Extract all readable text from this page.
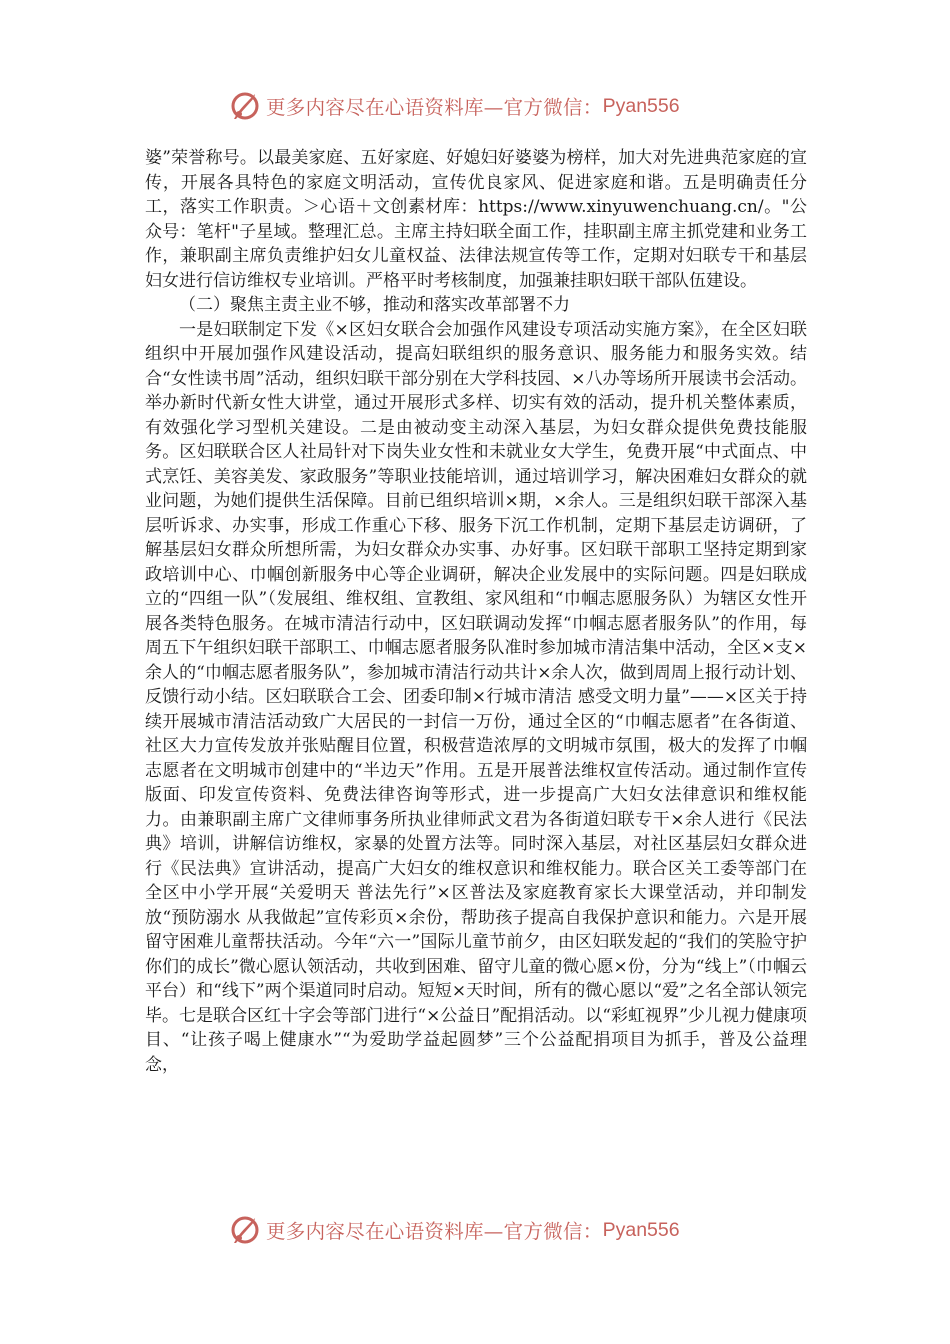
更多内容尽在心语资料库—官方微信： Pyan556

婆”荣誉称号。以最美家庭、五好家庭、好媳妇好婆婆为榜样，加大对先进典范家庭的宣传，开展各具特色的家庭文明活动，宣传优良家风、促进家庭和谐。五是明确责任分工，落实工作职责。＞心语＋文创素材库：https://www.xinyuwenchuang.cn/。"公众号：笔杆"子星域。整理汇总。主席主持妇联全面工作，挂职副主席主抓党建和业务工作，兼职副主席负责维护妇女儿童权益、法律法规宣传等工作，定期对妇联专干和基层妇女进行信访维权专业培训。严格平时考核制度，加强兼挂职妇联干部队伍建设。

（二）聚焦主责主业不够，推动和落实改革部署不力

一是妇联制定下发《×区妇女联合会加强作风建设专项活动实施方案》，在全区妇联组织中开展加强作风建设活动，提高妇联组织的服务意识、服务能力和服务实效。结合“女性读书周”活动，组织妇联干部分别在大学科技园、×八办等场所开展读书会活动。举办新时代新女性大讲堂，通过开展形式多样、切实有效的活动，提升机关整体素质，有效强化学习型机关建设。二是由被动变主动深入基层，为妇女群众提供免费技能服务。区妇联联合区人社局针对下岗失业女性和未就业女大学生，免费开展“中式面点、中式烹饪、美容美发、家政服务”等职业技能培训，通过培训学习，解决困难妇女群众的就业问题，为她们提供生活保障。目前已组织培训×期，×余人。三是组织妇联干部深入基层听诉求、办实事，形成工作重心下移、服务下沉工作机制，定期下基层走访调研，了解基层妇女群众所想所需，为妇女群众办实事、办好事。区妇联干部职工坚持定期到家政培训中心、巾帼创新服务中心等企业调研，解决企业发展中的实际问题。四是妇联成立的“四组一队”（发展组、维权组、宣教组、家风组和“巾帼志愿服务队）为辖区女性开展各类特色服务。在城市清洁行动中，区妇联调动发挥“巾帼志愿者服务队”的作用，每周五下午组织妇联干部职工、巾帼志愿者服务队准时参加城市清洁集中活动，全区×支×余人的“巾帼志愿者服务队”，参加城市清洁行动共计×余人次，做到周周上报行动计划、反馈行动小结。区妇联联合工会、团委印制×行城市清洁 感受文明力量”——×区关于持续开展城市清洁活动致广大居民的一封信一万份，通过全区的“巾帼志愿者”在各街道、社区大力宣传发放并张贴醒目位置，积极营造浓厚的文明城市氛围，极大的发挥了巾帼志愿者在文明城市创建中的“半边天”作用。五是开展普法维权宣传活动。通过制作宣传版面、印发宣传资料、免费法律咨询等形式，进一步提高广大妇女法律意识和维权能力。由兼职副主席广文律师事务所执业律师武文君为各街道妇联专干×余人进行《民法典》培训，讲解信访维权，家暴的处置方法等。同时深入基层，对社区基层妇女群众进行《民法典》宣讲活动，提高广大妇女的维权意识和维权能力。联合区关工委等部门在全区中小学开展“关爱明天 普法先行”×区普法及家庭教育家长大课堂活动，并印制发放“预防溺水 从我做起”宣传彩页×余份，帮助孩子提高自我保护意识和能力。六是开展留守困难儿童帮扶活动。今年“六一”国际儿童节前夕，由区妇联发起的“我们的笑脸守护你们的成长”微心愿认领活动，共收到困难、留守儿童的微心愿×份，分为“线上”（巾帼云平台）和“线下”两个渠道同时启动。短短×天时间，所有的微心愿以“爱”之名全部认领完毕。七是联合区红十字会等部门进行“×公益日”配捐活动。以“彩虹视界”少儿视力健康项目、“让孩子喝上健康水”“为爱助学益起圆梦”三个公益配捐项目为抓手，普及公益理念，

更多内容尽在心语资料库—官方微信： Pyan556
